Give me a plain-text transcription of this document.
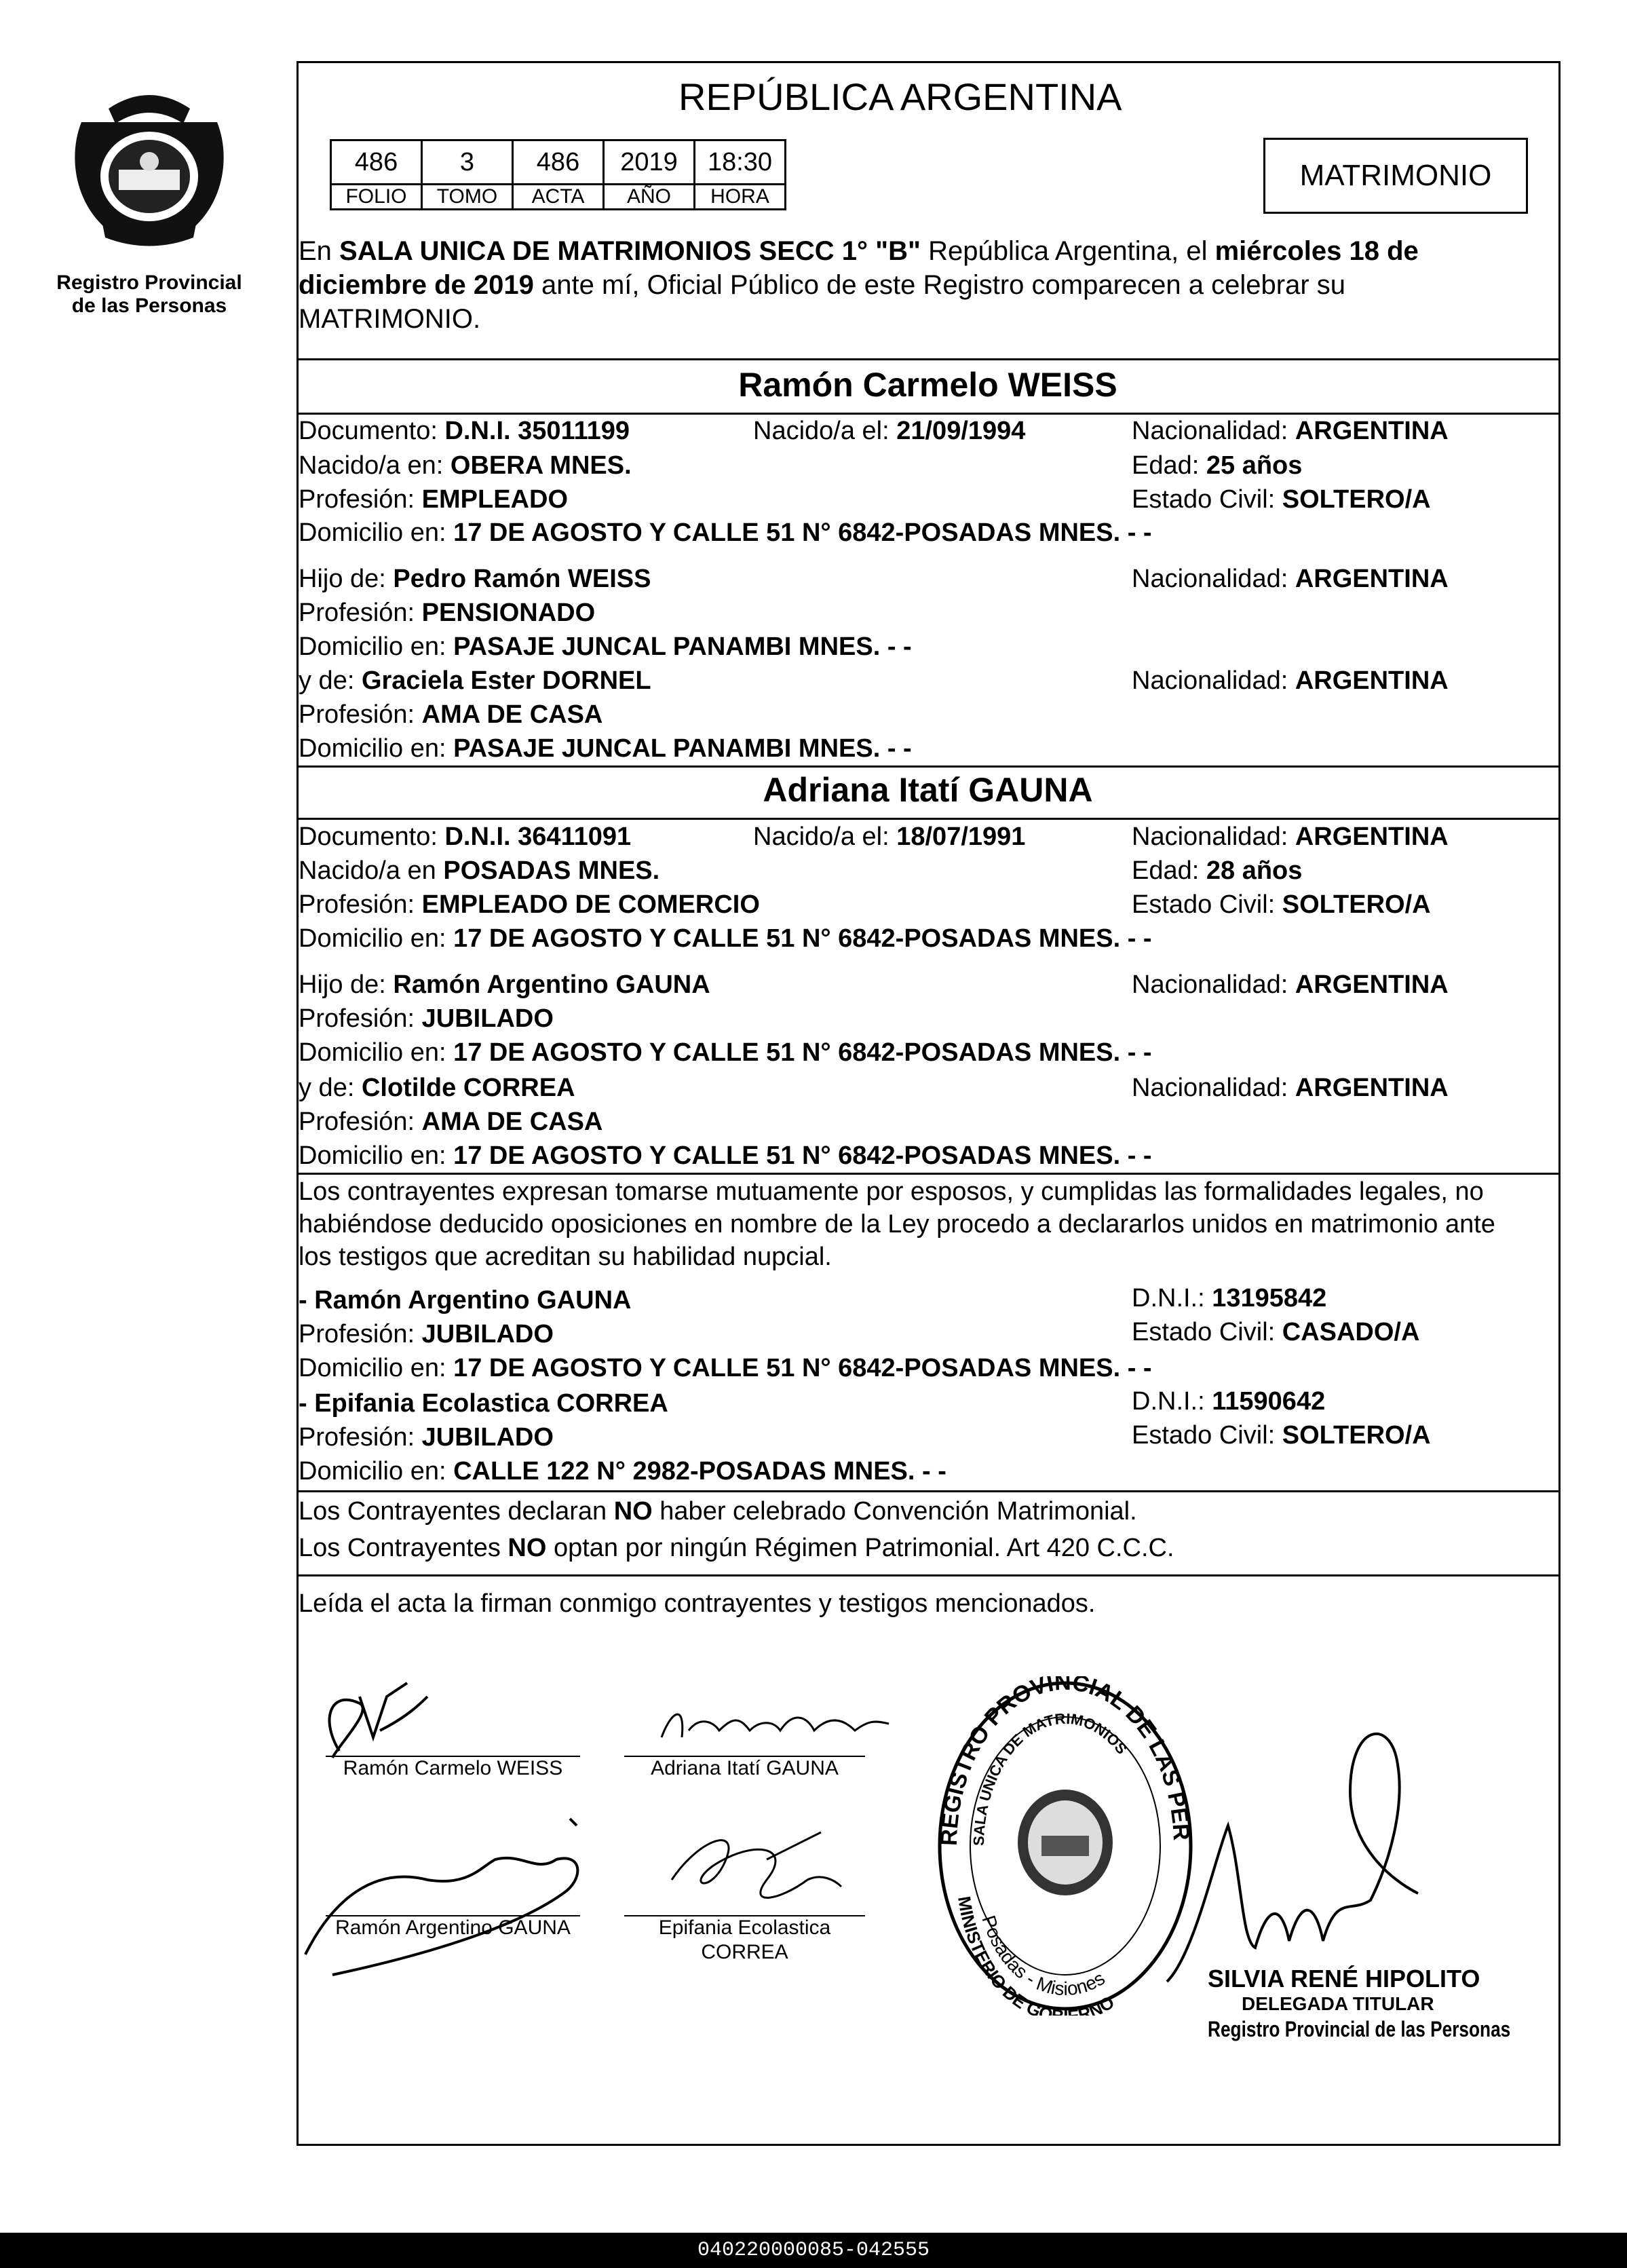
Registro Provincial
de las Personas
REPÚBLICA ARGENTINA
486	3	486	2019	18:30
FOLIO	TOMO	ACTA	AÑO	HORA
MATRIMONIO
En SALA UNICA DE MATRIMONIOS SECC 1° "B" República Argentina, el miércoles 18 de
diciembre de 2019 ante mí, Oficial Público de este Registro comparecen a celebrar su
MATRIMONIO.
Ramón Carmelo WEISS
Documento: D.N.I. 35011199	Nacido/a el: 21/09/1994	Nacionalidad: ARGENTINA
Nacido/a en: OBERA MNES.	Edad: 25 años
Profesión: EMPLEADO	Estado Civil: SOLTERO/A
Domicilio en: 17 DE AGOSTO Y CALLE 51 N° 6842-POSADAS MNES. - -
Hijo de: Pedro Ramón WEISS	Nacionalidad: ARGENTINA
Profesión: PENSIONADO
Domicilio en: PASAJE JUNCAL PANAMBI MNES. - -
y de: Graciela Ester DORNEL	Nacionalidad: ARGENTINA
Profesión: AMA DE CASA
Domicilio en: PASAJE JUNCAL PANAMBI MNES. - -
Adriana Itatí GAUNA
Documento: D.N.I. 36411091	Nacido/a el: 18/07/1991	Nacionalidad: ARGENTINA
Nacido/a en POSADAS MNES.	Edad: 28 años
Profesión: EMPLEADO DE COMERCIO	Estado Civil: SOLTERO/A
Domicilio en: 17 DE AGOSTO Y CALLE 51 N° 6842-POSADAS MNES. - -
Hijo de: Ramón Argentino GAUNA	Nacionalidad: ARGENTINA
Profesión: JUBILADO
Domicilio en: 17 DE AGOSTO Y CALLE 51 N° 6842-POSADAS MNES. - -
y de: Clotilde CORREA	Nacionalidad: ARGENTINA
Profesión: AMA DE CASA
Domicilio en: 17 DE AGOSTO Y CALLE 51 N° 6842-POSADAS MNES. - -
Los contrayentes expresan tomarse mutuamente por esposos, y cumplidas las formalidades legales, no
habiéndose deducido oposiciones en nombre de la Ley procedo a declararlos unidos en matrimonio ante
los testigos que acreditan su habilidad nupcial.
- Ramón Argentino GAUNA	D.N.I.: 13195842
Profesión: JUBILADO	Estado Civil: CASADO/A
Domicilio en: 17 DE AGOSTO Y CALLE 51 N° 6842-POSADAS MNES. - -
- Epifania Ecolastica CORREA	D.N.I.: 11590642
Profesión: JUBILADO	Estado Civil: SOLTERO/A
Domicilio en: CALLE 122 N° 2982-POSADAS MNES. - -
Los Contrayentes declaran NO haber celebrado Convención Matrimonial.
Los Contrayentes NO optan por ningún Régimen Patrimonial. Art 420 C.C.C.
Leída el acta la firman conmigo contrayentes y testigos mencionados.
Ramón Carmelo WEISS	Adriana Itatí GAUNA
Ramón Argentino GAUNA	Epifania Ecolastica
CORREA
REGISTRO PROVINCIAL DE LAS PER
SALA UNICA DE MATRIMONIOS
Posadas - Misiones
MINISTERIO DE GO RNO
SILVIA RENÉ HIPOLITO
DELEGADA TITULAR
Registro Provincial de las Personas
040220000085-042555
